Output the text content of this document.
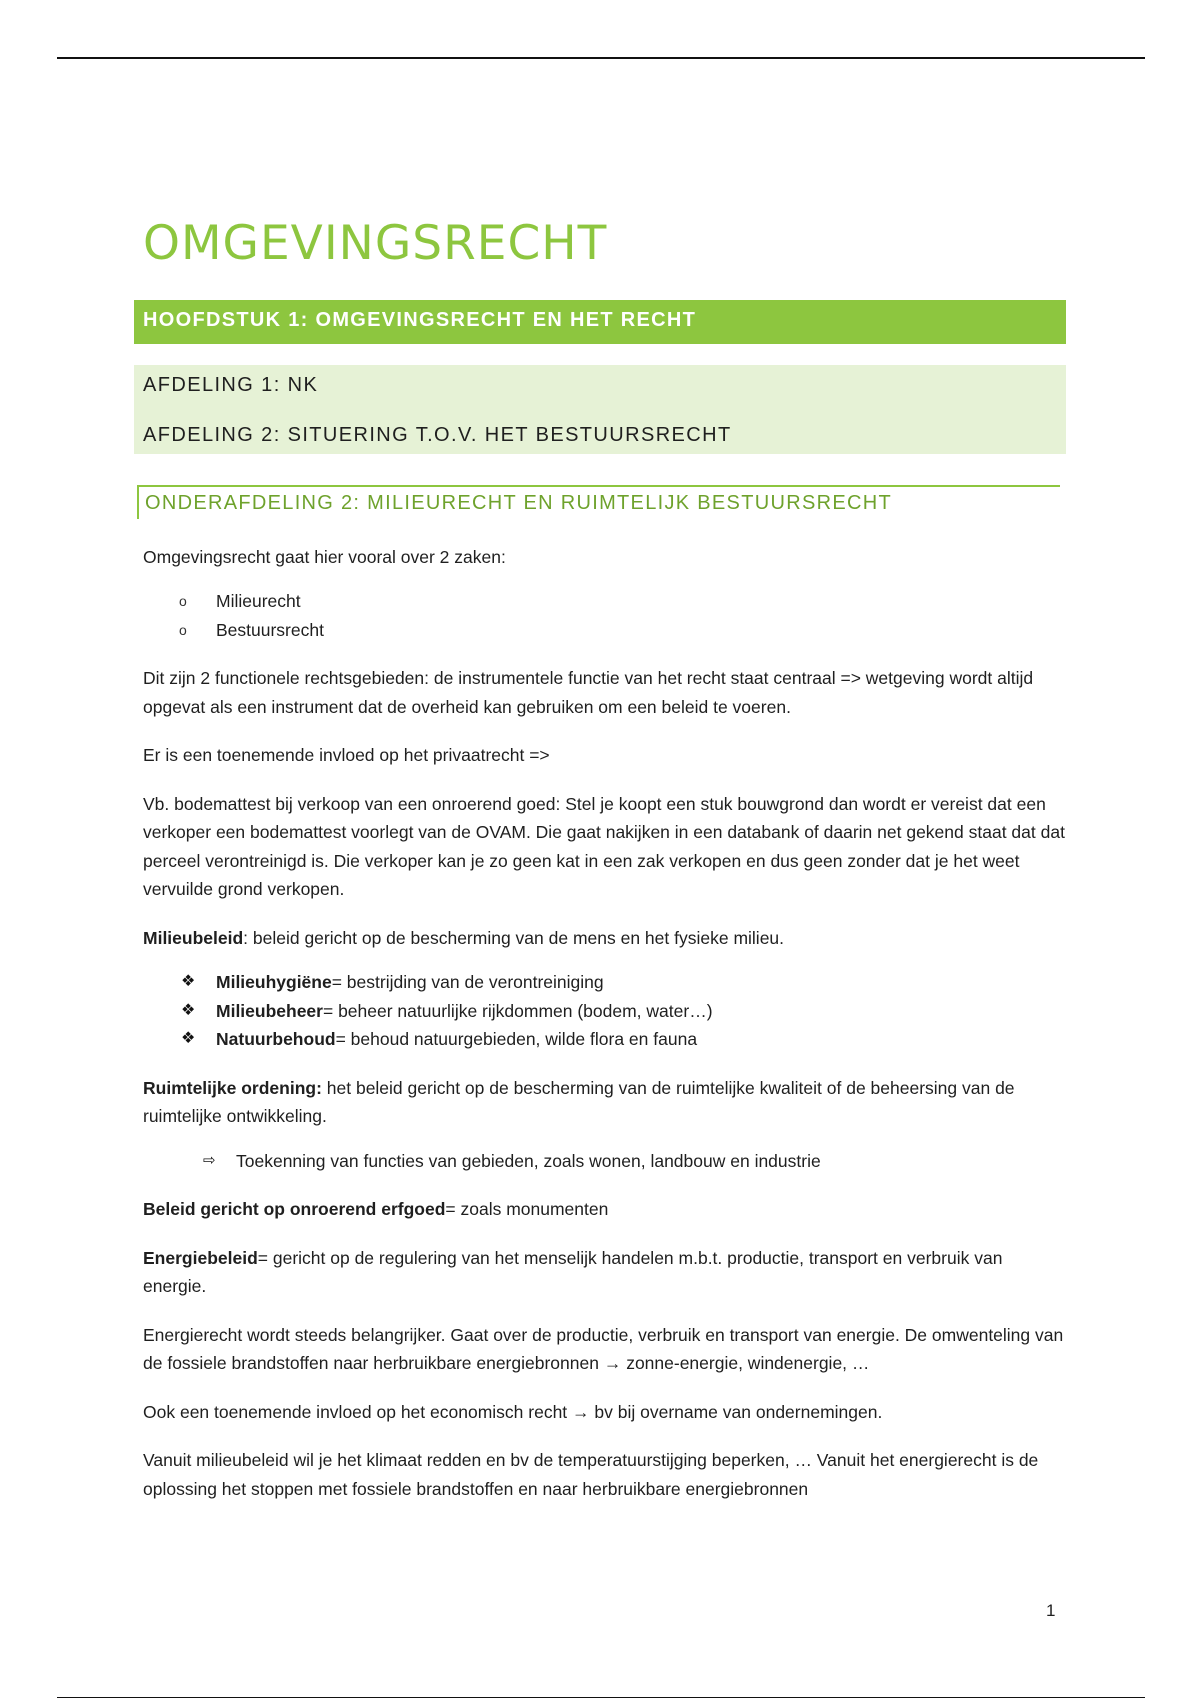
OMGEVINGSRECHT
HOOFDSTUK 1: OMGEVINGSRECHT EN HET RECHT
AFDELING 1: NK
AFDELING 2: SITUERING T.O.V. HET BESTUURSRECHT
ONDERAFDELING 2: MILIEURECHT EN RUIMTELIJK BESTUURSRECHT

Omgevingsrecht gaat hier vooral over 2 zaken:

o Milieurecht
o Bestuursrecht

Dit zijn 2 functionele rechtsgebieden: de instrumentele functie van het recht staat centraal => wetgeving wordt altijd opgevat als een instrument dat de overheid kan gebruiken om een beleid te voeren.

Er is een toenemende invloed op het privaatrecht =>

Vb. bodemattest bij verkoop van een onroerend goed: Stel je koopt een stuk bouwgrond dan wordt er vereist dat een verkoper een bodemattest voorlegt van de OVAM. Die gaat nakijken in een databank of daarin net gekend staat dat dat perceel verontreinigd is. Die verkoper kan je zo geen kat in een zak verkopen en dus geen zonder dat je het weet vervuilde grond verkopen.

Milieubeleid: beleid gericht op de bescherming van de mens en het fysieke milieu.

❖ Milieuhygiëne= bestrijding van de verontreiniging
❖ Milieubeheer= beheer natuurlijke rijkdommen (bodem, water…)
❖ Natuurbehoud= behoud natuurgebieden, wilde flora en fauna

Ruimtelijke ordening: het beleid gericht op de bescherming van de ruimtelijke kwaliteit of de beheersing van de ruimtelijke ontwikkeling.

⇨ Toekenning van functies van gebieden, zoals wonen, landbouw en industrie

Beleid gericht op onroerend erfgoed= zoals monumenten

Energiebeleid= gericht op de regulering van het menselijk handelen m.b.t. productie, transport en verbruik van energie.

Energierecht wordt steeds belangrijker. Gaat over de productie, verbruik en transport van energie. De omwenteling van de fossiele brandstoffen naar herbruikbare energiebronnen → zonne-energie, windenergie, …

Ook een toenemende invloed op het economisch recht → bv bij overname van ondernemingen.

Vanuit milieubeleid wil je het klimaat redden en bv de temperatuurstijging beperken, … Vanuit het energierecht is de oplossing het stoppen met fossiele brandstoffen en naar herbruikbare energiebronnen

1
